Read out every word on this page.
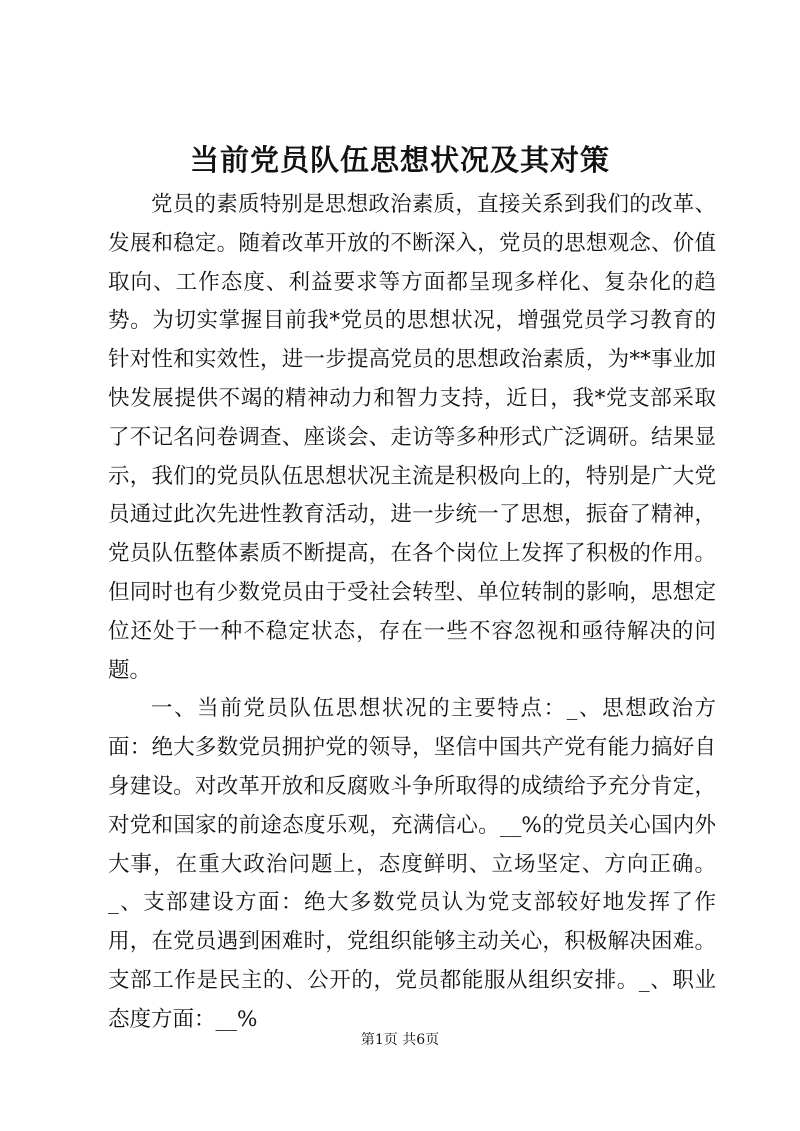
当前党员队伍思想状况及其对策

党员的素质特别是思想政治素质，直接关系到我们的改革、发展和稳定。随着改革开放的不断深入，党员的思想观念、价值取向、工作态度、利益要求等方面都呈现多样化、复杂化的趋势。为切实掌握目前我*党员的思想状况，增强党员学习教育的针对性和实效性，进一步提高党员的思想政治素质，为**事业加快发展提供不竭的精神动力和智力支持，近日，我*党支部采取了不记名问卷调查、座谈会、走访等多种形式广泛调研。结果显示，我们的党员队伍思想状况主流是积极向上的，特别是广大党员通过此次先进性教育活动，进一步统一了思想，振奋了精神，党员队伍整体素质不断提高，在各个岗位上发挥了积极的作用。但同时也有少数党员由于受社会转型、单位转制的影响，思想定位还处于一种不稳定状态，存在一些不容忽视和亟待解决的问题。

一、当前党员队伍思想状况的主要特点：_、思想政治方面：绝大多数党员拥护党的领导，坚信中国共产党有能力搞好自身建设。对改革开放和反腐败斗争所取得的成绩给予充分肯定，对党和国家的前途态度乐观，充满信心。__%的党员关心国内外大事，在重大政治问题上，态度鲜明、立场坚定、方向正确。_、支部建设方面：绝大多数党员认为党支部较好地发挥了作用，在党员遇到困难时，党组织能够主动关心，积极解决困难。支部工作是民主的、公开的，党员都能服从组织安排。_、职业态度方面：__%

第1页 共6页
